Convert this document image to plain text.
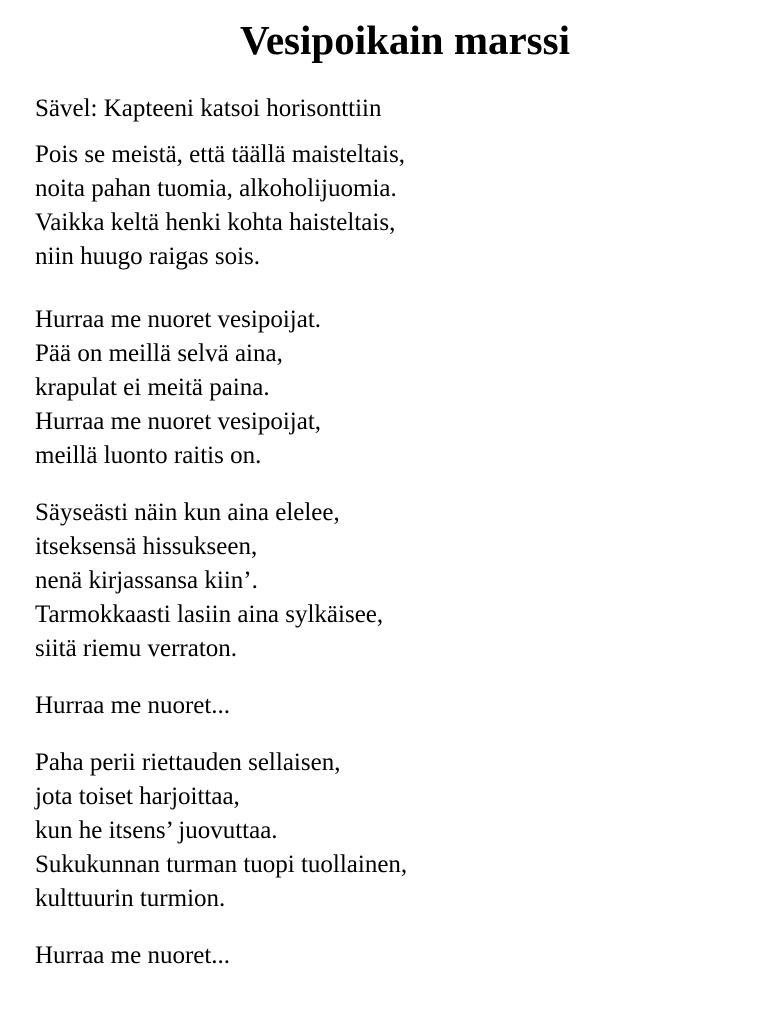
Vesipoikain marssi

Sävel: Kapteeni katsoi horisonttiin

Pois se meistä, että täällä maisteltais,
noita pahan tuomia, alkoholijuomia.
Vaikka keltä henki kohta haisteltais,
niin huugo raigas sois.
Hurraa me nuoret vesipoijat.
Pää on meillä selvä aina,
krapulat ei meitä paina.
Hurraa me nuoret vesipoijat,
meillä luonto raitis on.
Säyseästi näin kun aina elelee,
itseksensä hissukseen,
nenä kirjassansa kiin’.
Tarmokkaasti lasiin aina sylkäisee,
siitä riemu verraton.
Hurraa me nuoret...
Paha perii riettauden sellaisen,
jota toiset harjoittaa,
kun he itsens’ juovuttaa.
Sukukunnan turman tuopi tuollainen,
kulttuurin turmion.
Hurraa me nuoret...
